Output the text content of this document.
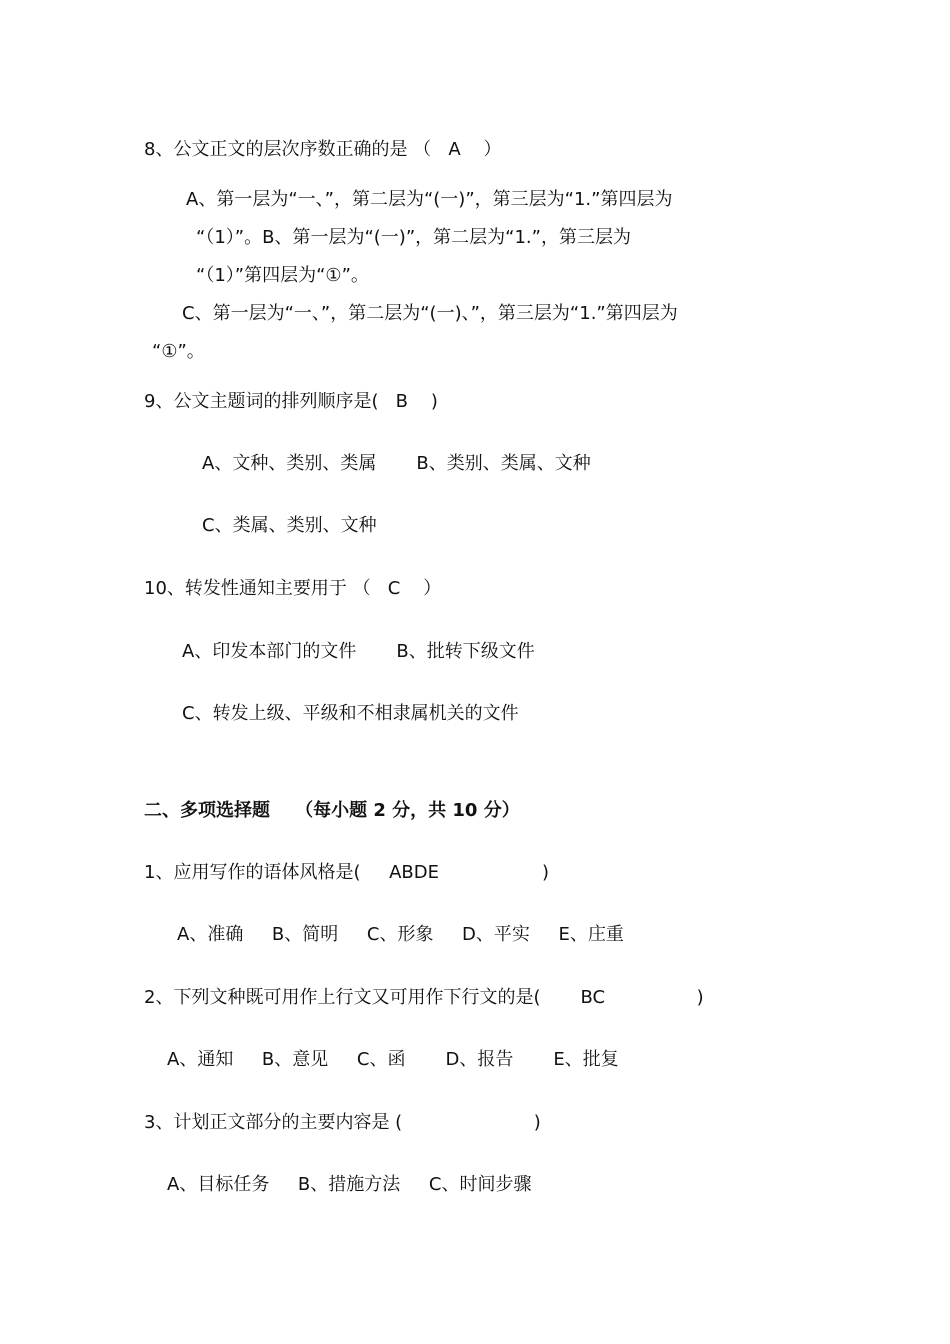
8、公文正文的层次序数正确的是 （   A    ）

A、第一层为“一、”，第二层为“(一)”，第三层为“1.”第四层为

“（1）”。B、第一层为“(一)”，第二层为“1.”，第三层为

“（1）”第四层为“①”。

C、第一层为“一、”，第二层为“(一)、”，第三层为“1.”第四层为

“①”。

9、公文主题词的排列顺序是(   B    )

A、文种、类别、类属       B、类别、类属、文种

C、类属、类别、文种

10、转发性通知主要用于 （   C    ）

A、印发本部门的文件       B、批转下级文件

C、转发上级、平级和不相隶属机关的文件

二、多项选择题    （每小题 2 分，共 10 分）

1、应用写作的语体风格是(     ABDE                  )

A、准确     B、简明     C、形象     D、平实     E、庄重

2、下列文种既可用作上行文又可用作下行文的是(       BC                )

A、通知     B、意见     C、函       D、报告       E、批复

3、计划正文部分的主要内容是 (                       )

A、目标任务     B、措施方法     C、时间步骤
